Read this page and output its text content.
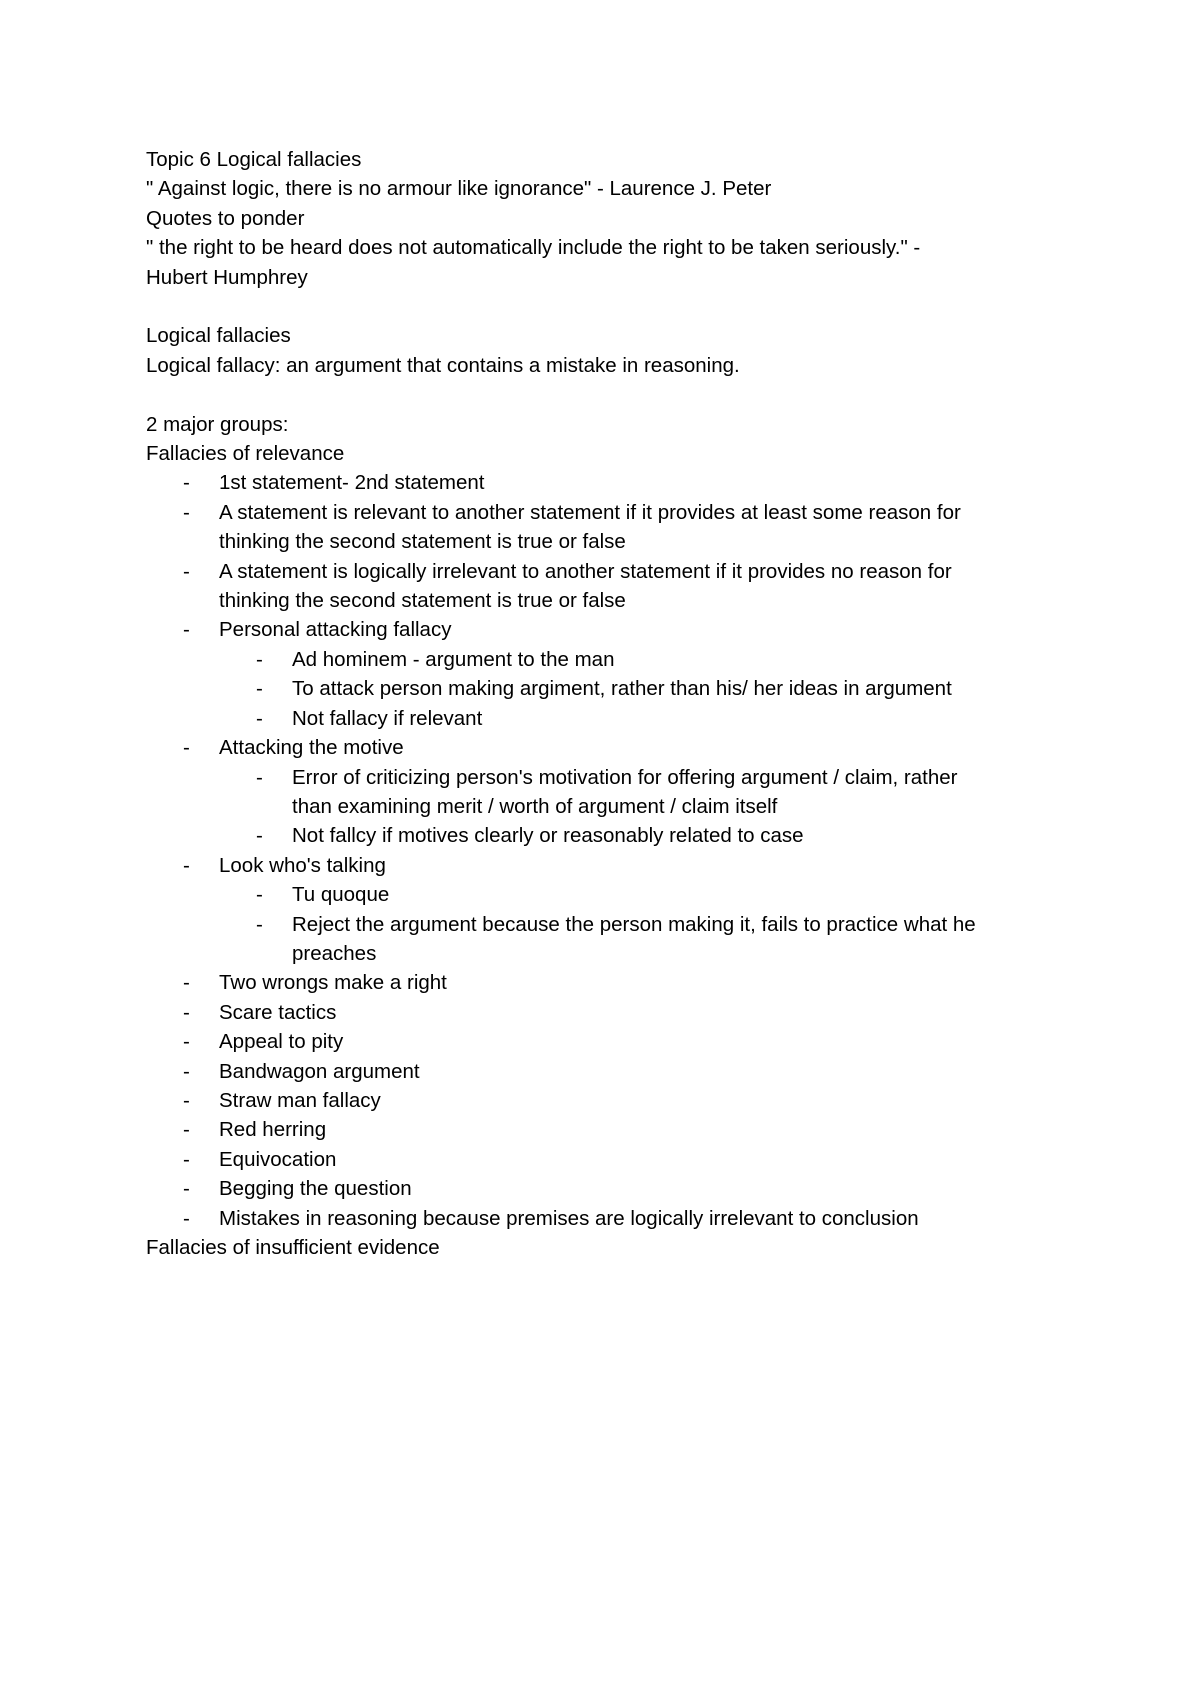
Topic 6 Logical fallacies

" Against logic, there is no armour like ignorance" - Laurence J. Peter

Quotes to ponder

" the right to be heard does not automatically include the right to be taken seriously." -

Hubert Humphrey

Logical fallacies

Logical fallacy: an argument that contains a mistake in reasoning.

2 major groups:

Fallacies of relevance

- 1st statement- 2nd statement
- A statement is relevant to another statement if it provides at least some reason for
thinking the second statement is true or false
- A statement is logically irrelevant to another statement if it provides no reason for
thinking the second statement is true or false
- Personal attacking fallacy
- Ad hominem - argument to the man
- To attack person making argiment, rather than his/ her ideas in argument
- Not fallacy if relevant
- Attacking the motive
- Error of criticizing person's motivation for offering argument / claim, rather
than examining merit / worth of argument / claim itself
- Not fallcy if motives clearly or reasonably related to case
- Look who's talking
- Tu quoque
- Reject the argument because the person making it, fails to practice what he
preaches
- Two wrongs make a right
- Scare tactics
- Appeal to pity
- Bandwagon argument
- Straw man fallacy
- Red herring
- Equivocation
- Begging the question
- Mistakes in reasoning because premises are logically irrelevant to conclusion

Fallacies of insufficient evidence
